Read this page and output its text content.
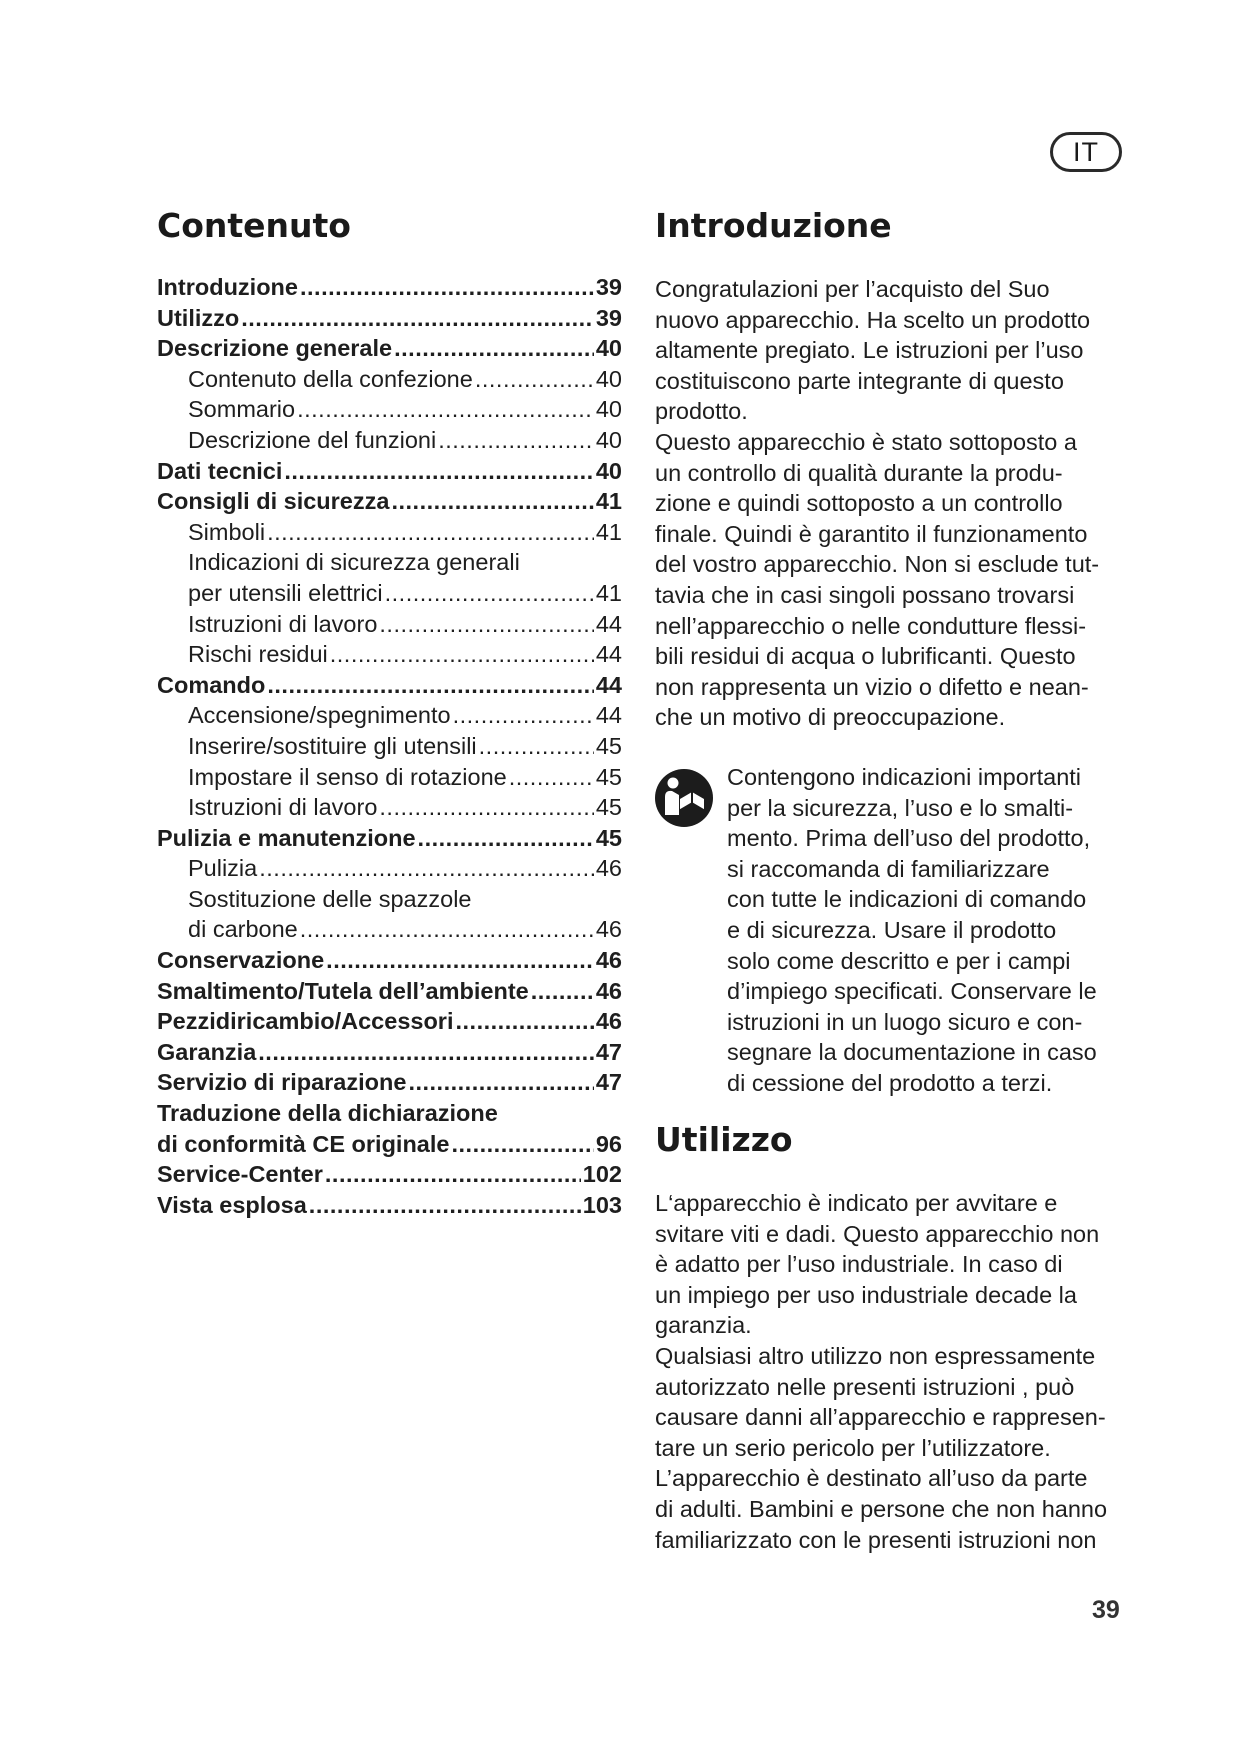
IT
Contenuto
Introduzione .....	39
Utilizzo .....	39
Descrizione generale .....	40
Contenuto della confezione .....	40
Sommario .....	40
Descrizione del funzioni .....	40
Dati tecnici .....	40
Consigli di sicurezza .....	41
Simboli .....	41
Indicazioni di sicurezza generali
per utensili elettrici .....	41
Istruzioni di lavoro .....	44
Rischi residui .....	44
Comando .....	44
Accensione/spegnimento .....	44
Inserire/sostituire gli utensili .....	45
Impostare il senso di rotazione .....	45
Istruzioni di lavoro .....	45
Pulizia e manutenzione .....	45
Pulizia .....	46
Sostituzione delle spazzole
di carbone .....	46
Conservazione .....	46
Smaltimento/Tutela dell’ambiente .....	46
Pezzidiricambio/Accessori .....	46
Garanzia .....	47
Servizio di riparazione .....	47
Traduzione della dichiarazione
di conformità CE originale .....	96
Service-Center .....	102
Vista esplosa .....	103
Introduzione

Congratulazioni per l’acquisto del Suo

nuovo apparecchio. Ha scelto un prodotto

altamente pregiato. Le istruzioni per l’uso

costituiscono parte integrante di questo

prodotto.

Questo apparecchio è stato sottoposto a

un controllo di qualità durante la produ-

zione e quindi sottoposto a un controllo

finale. Quindi è garantito il funzionamento

del vostro apparecchio. Non si esclude tut-

tavia che in casi singoli possano trovarsi

nell’apparecchio o nelle condutture flessi-

bili residui di acqua o lubrificanti. Questo

non rappresenta un vizio o difetto e nean-

che un motivo di preoccupazione.

Contengono indicazioni importanti

per la sicurezza, l’uso e lo smalti-

mento. Prima dell’uso del prodotto,

si raccomanda di familiarizzare

con tutte le indicazioni di comando

e di sicurezza. Usare il prodotto

solo come descritto e per i campi

d’impiego specificati. Conservare le

istruzioni in un luogo sicuro e con-

segnare la documentazione in caso

di cessione del prodotto a terzi.

Utilizzo

L‘apparecchio è indicato per avvitare e

svitare viti e dadi. Questo apparecchio non

è adatto per l’uso industriale. In caso di

un impiego per uso industriale decade la

garanzia.

Qualsiasi altro utilizzo non espressamente

autorizzato nelle presenti istruzioni , può

causare danni all’apparecchio e rappresen-

tare un serio pericolo per l’utilizzatore.

L’apparecchio è destinato all’uso da parte

di adulti. Bambini e persone che non hanno

familiarizzato con le presenti istruzioni non

39
